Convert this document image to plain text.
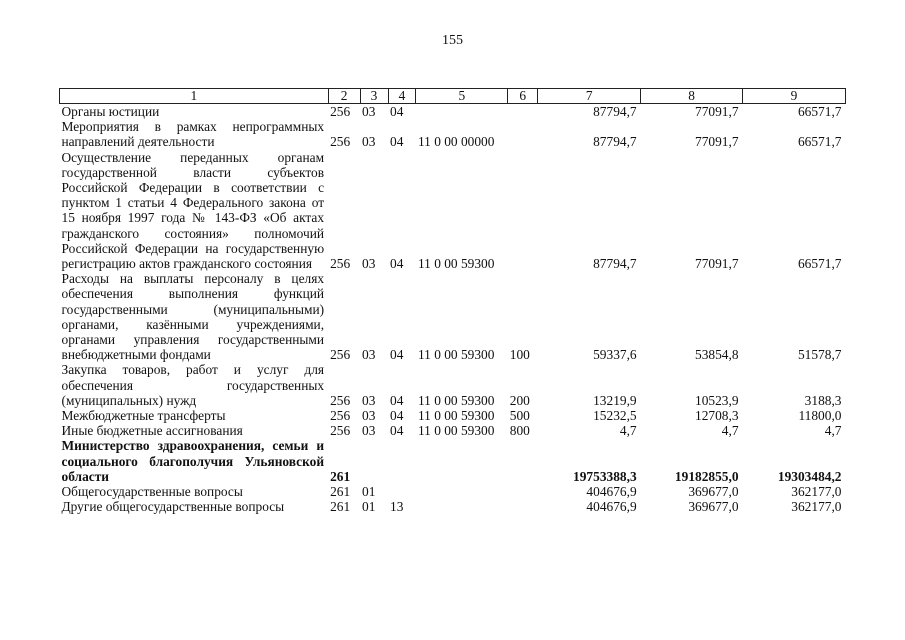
155
1	2	3	4	5	6	7	8	9
Органы юстиции	256	03	04			87794,7	77091,7	66571,7
Мероприятия в рамках непрограммных направлений деятельности	256	03	04	11 0 00 00000		87794,7	77091,7	66571,7
Осуществление переданных органам государственной власти субъектов Российской Федерации в соответствии с пунктом 1 статьи 4 Федерального закона от 15 ноября 1997 года № 143-ФЗ «Об актах гражданского состояния» полномочий Российской Федерации на государственную регистрацию актов гражданского состояния	256	03	04	11 0 00 59300		87794,7	77091,7	66571,7
Расходы на выплаты персоналу в целях обеспечения выполнения функций государственными (муниципальными) органами, казёнными учреждениями, органами управления государственными внебюджетными фондами	256	03	04	11 0 00 59300	100	59337,6	53854,8	51578,7
Закупка товаров, работ и услуг для обеспечения государственных (муниципальных) нужд	256	03	04	11 0 00 59300	200	13219,9	10523,9	3188,3
Межбюджетные трансферты	256	03	04	11 0 00 59300	500	15232,5	12708,3	11800,0
Иные бюджетные ассигнования	256	03	04	11 0 00 59300	800	4,7	4,7	4,7
Министерство здравоохранения, семьи и социального благополучия Ульяновской области	261					19753388,3	19182855,0	19303484,2
Общегосударственные вопросы	261	01				404676,9	369677,0	362177,0
Другие общегосударственные вопросы	261	01	13			404676,9	369677,0	362177,0
